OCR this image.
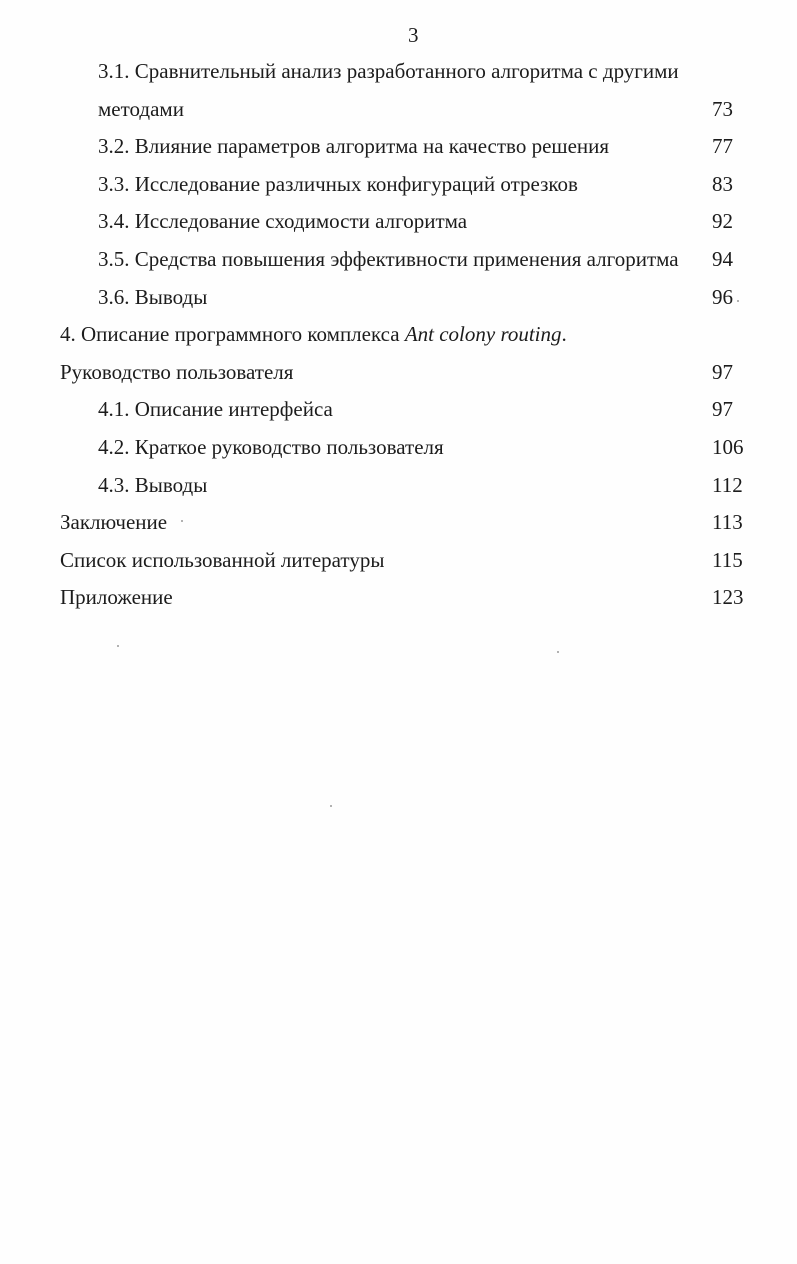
3
3.1. Сравнительный анализ разработанного алгоритма с другими
методами	73
3.2. Влияние параметров алгоритма на качество решения	77
3.3. Исследование различных конфигураций отрезков	83
3.4. Исследование сходимости алгоритма	92
3.5. Средства повышения эффективности применения алгоритма 94
3.6. Выводы	96
4. Описание программного комплекса Ant colony routing.
Руководство пользователя	97
4.1. Описание интерфейса	97
4.2. Краткое руководство пользователя	106
4.3. Выводы	112
Заключение	113
Список использованной литературы	115
Приложение	123
